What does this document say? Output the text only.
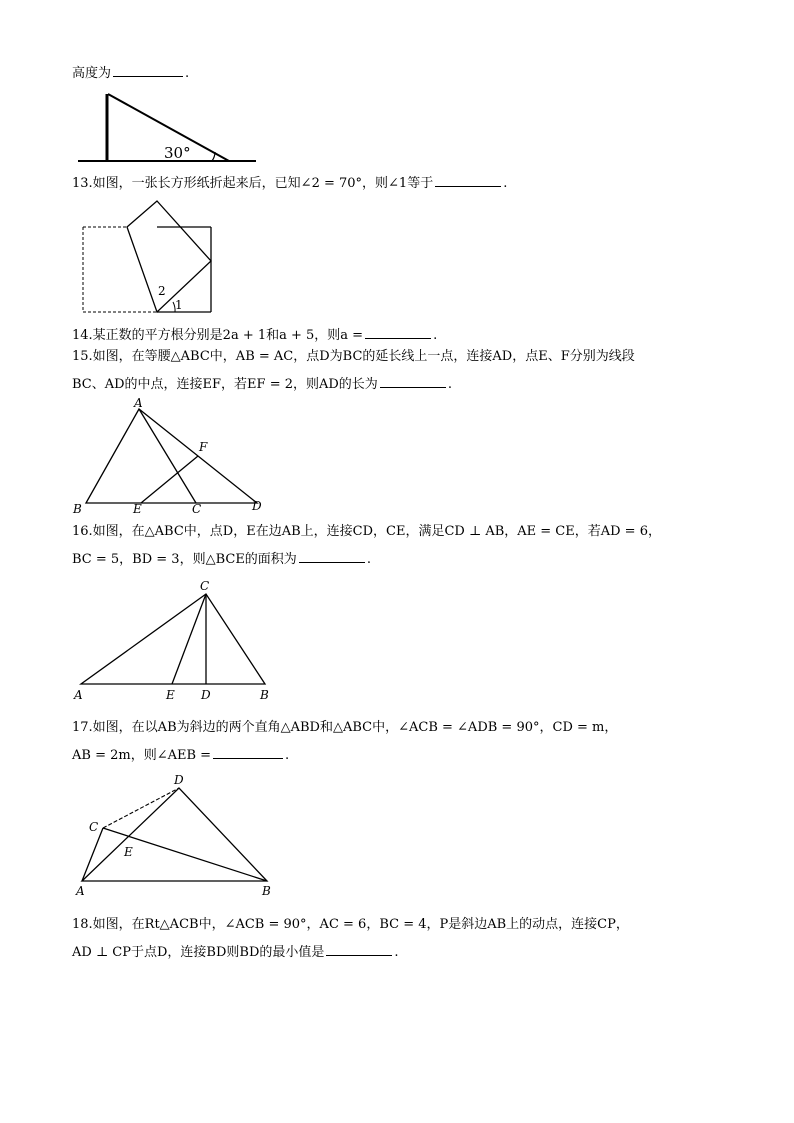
高度为	.
30°
13.如图，一张长方形纸折起来后，已知∠2 = 70°，则∠1等于	.
2
1
14.某正数的平方根分别是2a + 1和a + 5，则a =	.
15.如图，在等腰△ABC中，AB = AC，点D为BC的延长线上一点，连接AD，点E、F分别为线段
BC、AD的中点，连接EF，若EF = 2，则AD的长为	.
A
B	C	D
E
F
16.如图，在△ABC中，点D，E在边AB上，连接CD，CE，满足CD ⊥ AB，AE = CE，若AD = 6，
BC = 5，BD = 3，则△BCE的面积为	.
C
A	E D	B
17.如图，在以AB为斜边的两个直角△ABD和△ABC中，∠ACB = ∠ADB = 90°，CD = m，
AB = 2m，则∠AEB =	.
D
C
E
A	B
18.如图，在Rt△ACB中，∠ACB = 90°，AC = 6，BC = 4，P是斜边AB上的动点，连接CP，
AD ⊥ CP于点D，连接BD则BD的最小值是	.
